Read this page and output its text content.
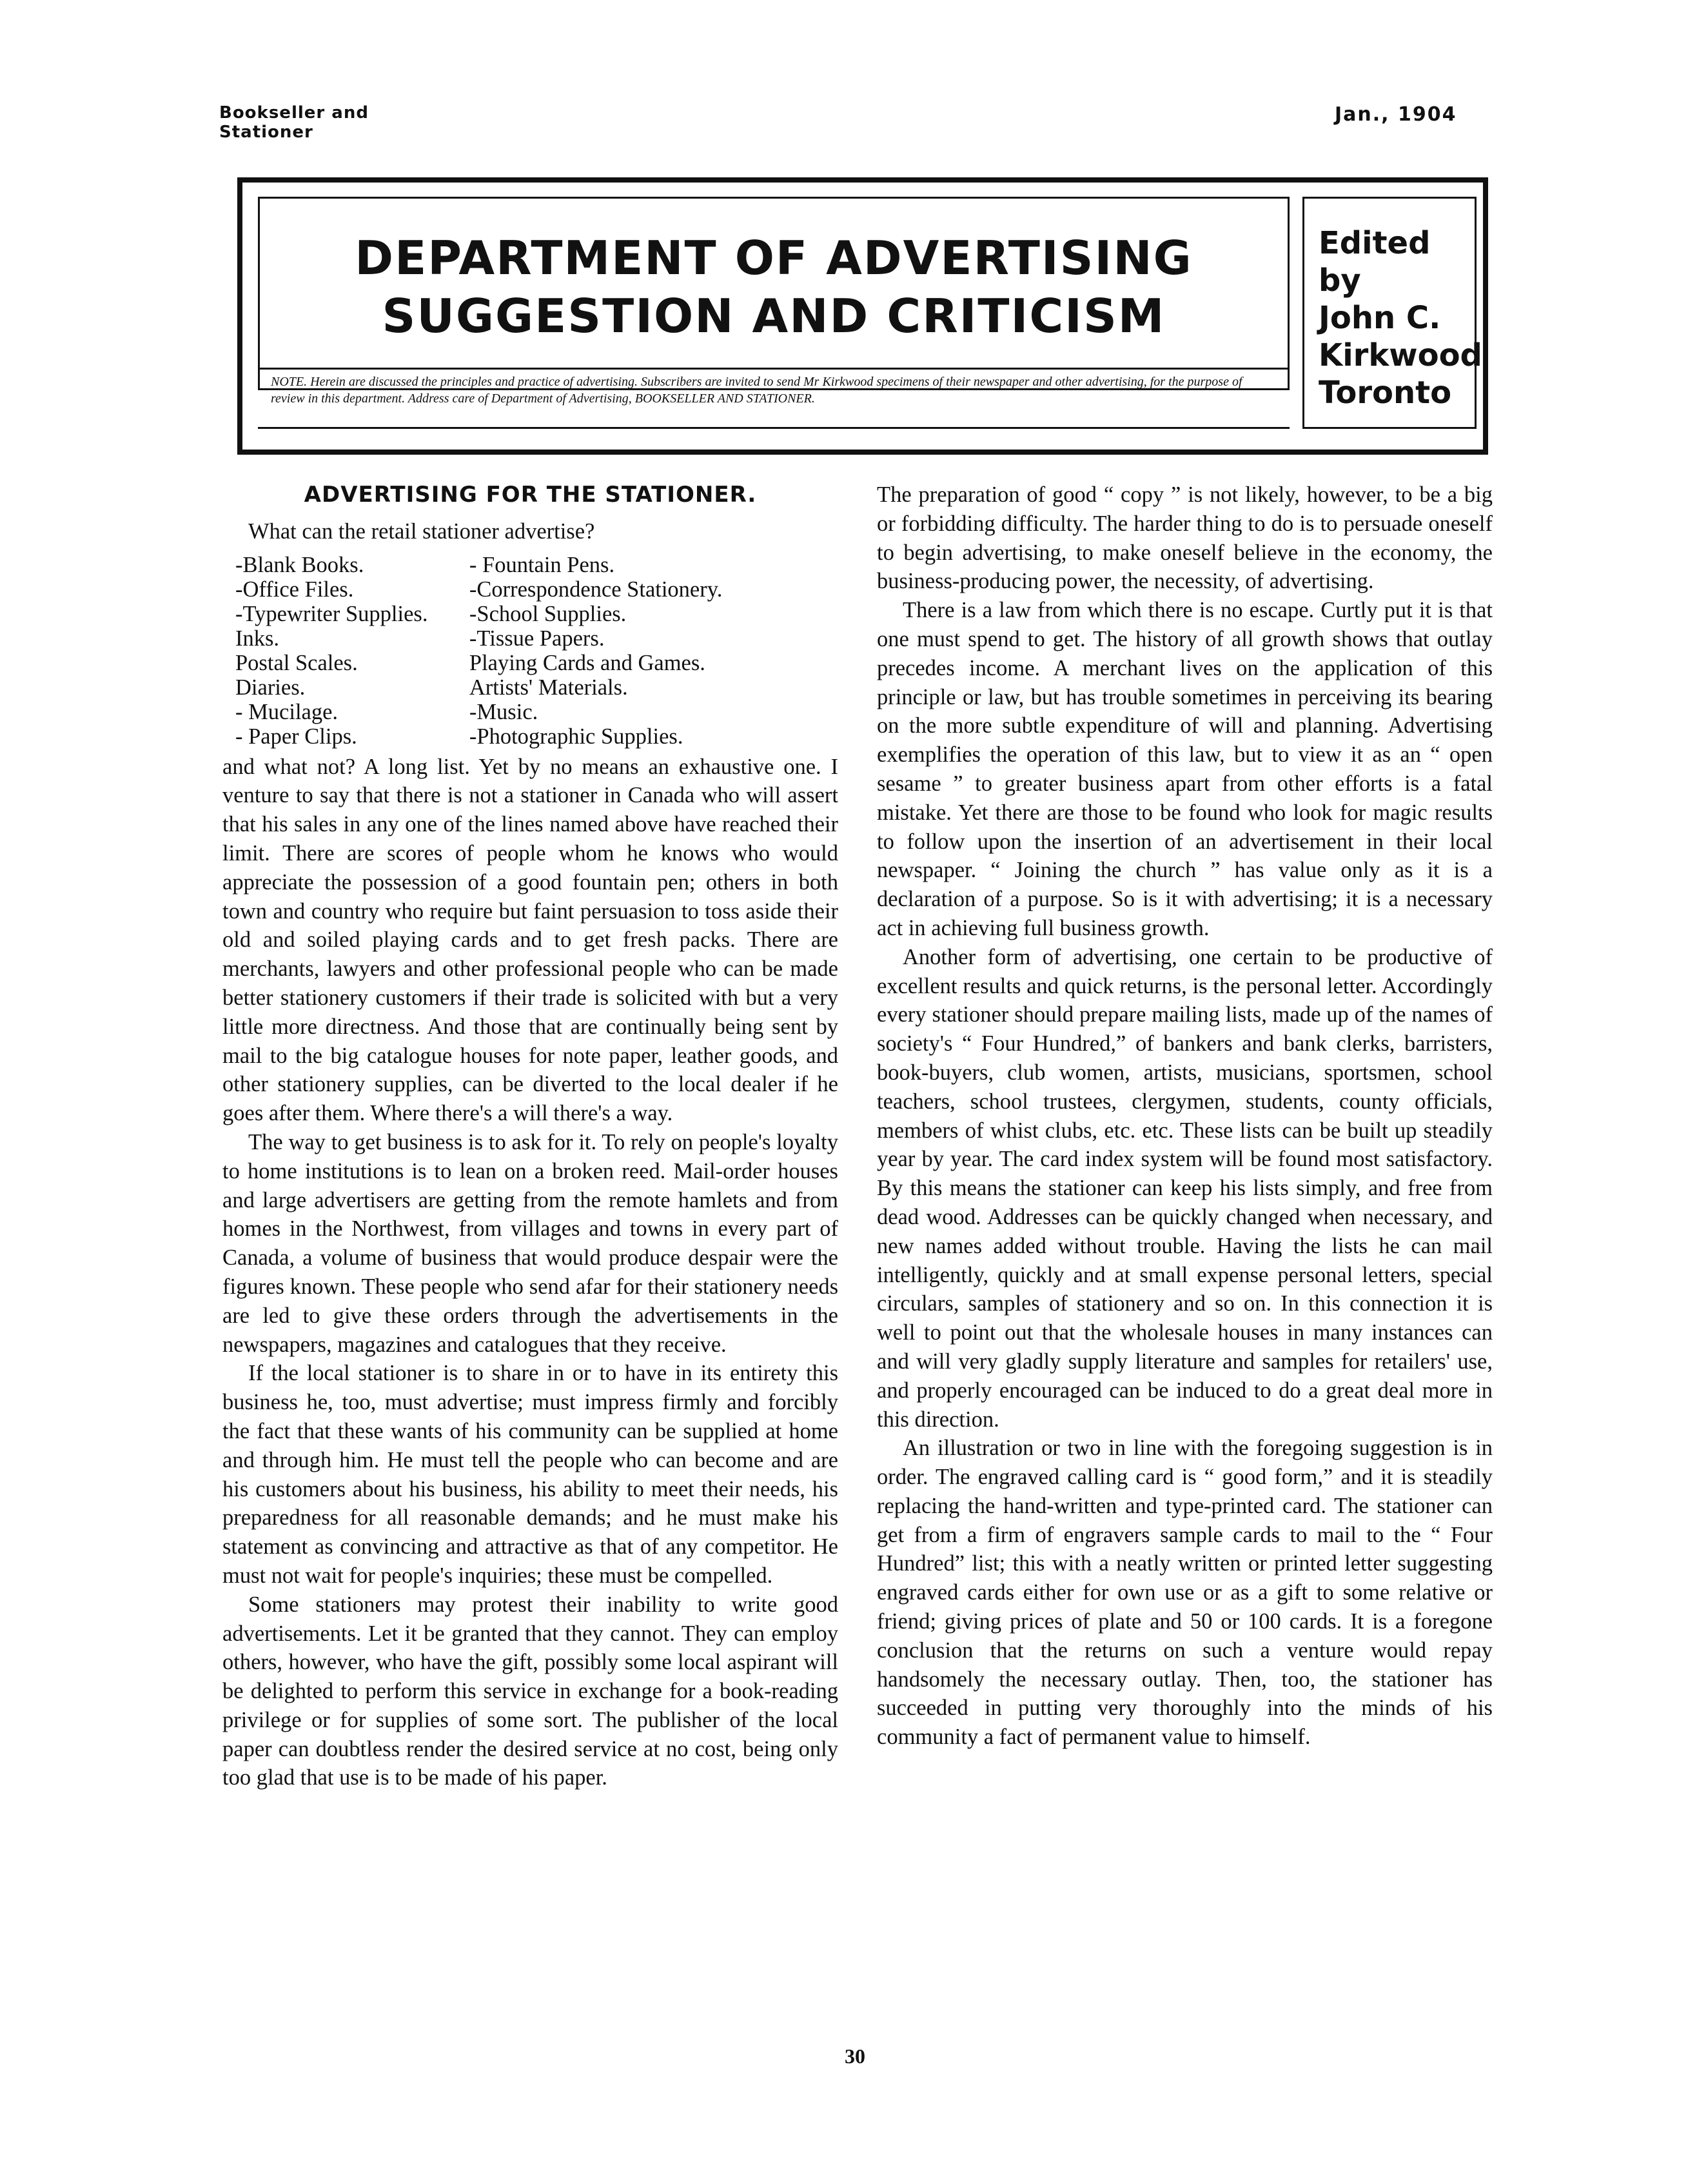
Bookseller and
Stationer
Jan., 1904
DEPARTMENT OF ADVERTISING
SUGGESTION AND CRITICISM
NOTE. Herein are discussed the principles and practice of advertising. Subscribers are invited to send Mr Kirkwood specimens of their newspaper and other advertising, for the purpose of review in this department. Address care of Department of Advertising, BOOKSELLER AND STATIONER.
Edited by
John C.
Kirkwood
Toronto
ADVERTISING FOR THE STATIONER.

What can the retail stationer advertise?

-Blank Books.	- Fountain Pens.
-Office Files.	-Correspondence Stationery.
-Typewriter Supplies.	-School Supplies.
Inks.	-Tissue Papers.
Postal Scales.	Playing Cards and Games.
Diaries.	Artists' Materials.
- Mucilage.	-Music.
- Paper Clips.	-Photographic Supplies.

and what not? A long list. Yet by no means an exhaustive one. I venture to say that there is not a stationer in Canada who will assert that his sales in any one of the lines named above have reached their limit. There are scores of people whom he knows who would appreciate the possession of a good fountain pen; others in both town and country who require but faint persuasion to toss aside their old and soiled playing cards and to get fresh packs. There are merchants, lawyers and other professional people who can be made better stationery customers if their trade is solicited with but a very little more directness. And those that are continually being sent by mail to the big catalogue houses for note paper, leather goods, and other stationery supplies, can be diverted to the local dealer if he goes after them. Where there's a will there's a way.

The way to get business is to ask for it. To rely on people's loyalty to home institutions is to lean on a broken reed. Mail-order houses and large advertisers are getting from the remote hamlets and from homes in the Northwest, from villages and towns in every part of Canada, a volume of business that would produce despair were the figures known. These people who send afar for their stationery needs are led to give these orders through the advertisements in the newspapers, magazines and catalogues that they receive.

If the local stationer is to share in or to have in its entirety this business he, too, must advertise; must impress firmly and forcibly the fact that these wants of his community can be supplied at home and through him. He must tell the people who can become and are his customers about his business, his ability to meet their needs, his preparedness for all reasonable demands; and he must make his statement as convincing and attractive as that of any competitor. He must not wait for people's inquiries; these must be compelled.

Some stationers may protest their inability to write good advertisements. Let it be granted that they cannot. They can employ others, however, who have the gift, possibly some local aspirant will be delighted to perform this service in exchange for a book-reading privilege or for supplies of some sort. The publisher of the local paper can doubtless render the desired service at no cost, being only too glad that use is to be made of his paper.

The preparation of good “ copy ” is not likely, however, to be a big or forbidding difficulty. The harder thing to do is to persuade oneself to begin advertising, to make oneself believe in the economy, the business-producing power, the necessity, of advertising.

There is a law from which there is no escape. Curtly put it is that one must spend to get. The history of all growth shows that outlay precedes income. A merchant lives on the application of this principle or law, but has trouble sometimes in perceiving its bearing on the more subtle expenditure of will and planning. Advertising exemplifies the operation of this law, but to view it as an “ open sesame ” to greater business apart from other efforts is a fatal mistake. Yet there are those to be found who look for magic results to follow upon the insertion of an advertisement in their local newspaper. “ Joining the church ” has value only as it is a declaration of a purpose. So is it with advertising; it is a necessary act in achieving full business growth.

Another form of advertising, one certain to be productive of excellent results and quick returns, is the personal letter. Accordingly every stationer should prepare mailing lists, made up of the names of society's “ Four Hundred,” of bankers and bank clerks, barristers, book-buyers, club women, artists, musicians, sportsmen, school teachers, school trustees, clergymen, students, county officials, members of whist clubs, etc. etc. These lists can be built up steadily year by year. The card index system will be found most satisfactory. By this means the stationer can keep his lists simply, and free from dead wood. Addresses can be quickly changed when necessary, and new names added without trouble. Having the lists he can mail intelligently, quickly and at small expense personal letters, special circulars, samples of stationery and so on. In this connection it is well to point out that the wholesale houses in many instances can and will very gladly supply literature and samples for retailers' use, and properly encouraged can be induced to do a great deal more in this direction.

An illustration or two in line with the foregoing suggestion is in order. The engraved calling card is “ good form,” and it is steadily replacing the hand-written and type-printed card. The stationer can get from a firm of engravers sample cards to mail to the “ Four Hundred” list; this with a neatly written or printed letter suggesting engraved cards either for own use or as a gift to some relative or friend; giving prices of plate and 50 or 100 cards. It is a foregone conclusion that the returns on such a venture would repay handsomely the necessary outlay. Then, too, the stationer has succeeded in putting very thoroughly into the minds of his community a fact of permanent value to himself.

30
